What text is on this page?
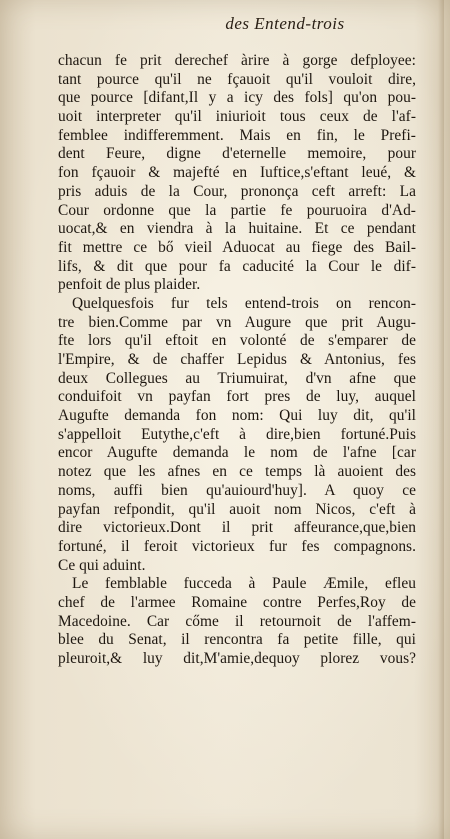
des Entend-trois
chacun fe prit derechef àrire à gorge defployee:
tant pource qu'il ne fçauoit qu'il vouloit dire,
que pource [difant,Il y a icy des fols] qu'on pou-
uoit interpreter qu'il iniurioit tous ceux de l'af-
femblee indifferemment. Mais en fin, le Prefi-
dent Feure, digne d'eternelle memoire, pour
fon fçauoir & majefté en Iuftice,s'eftant leué, &
pris aduis de la Cour, prononça ceft arreft: La
Cour ordonne que la partie fe pouruoira d'Ad-
uocat,& en viendra à la huitaine. Et ce pendant
fit mettre ce bő vieil Aduocat au fiege des Bail-
lifs, & dit que pour fa caducité la Cour le dif-
penfoit de plus plaider.
Quelquesfois fur tels entend-trois on rencon-
tre bien.Comme par vn Augure que prit Augu-
fte lors qu'il eftoit en volonté de s'emparer de
l'Empire, & de chaffer Lepidus & Antonius, fes
deux Collegues au Triumuirat, d'vn afne que
conduifoit vn payfan fort pres de luy, auquel
Augufte demanda fon nom: Qui luy dit, qu'il
s'appelloit Eutythe,c'eft à dire,bien fortuné.Puis
encor Augufte demanda le nom de l'afne [car
notez que les afnes en ce temps là auoient des
noms, auffi bien qu'auiourd'huy]. A quoy ce
payfan refpondit, qu'il auoit nom Nicos, c'eft à
dire victorieux.Dont il prit affeurance,que,bien
fortuné, il feroit victorieux fur fes compagnons.
Ce qui aduint.
Le femblable fucceda à Paule Æmile, efleu
chef de l'armee Romaine contre Perfes,Roy de
Macedoine. Car cőme il retournoit de l'affem-
blee du Senat, il rencontra fa petite fille, qui
pleuroit,& luy dit,M'amie,dequoy plorez vous?
